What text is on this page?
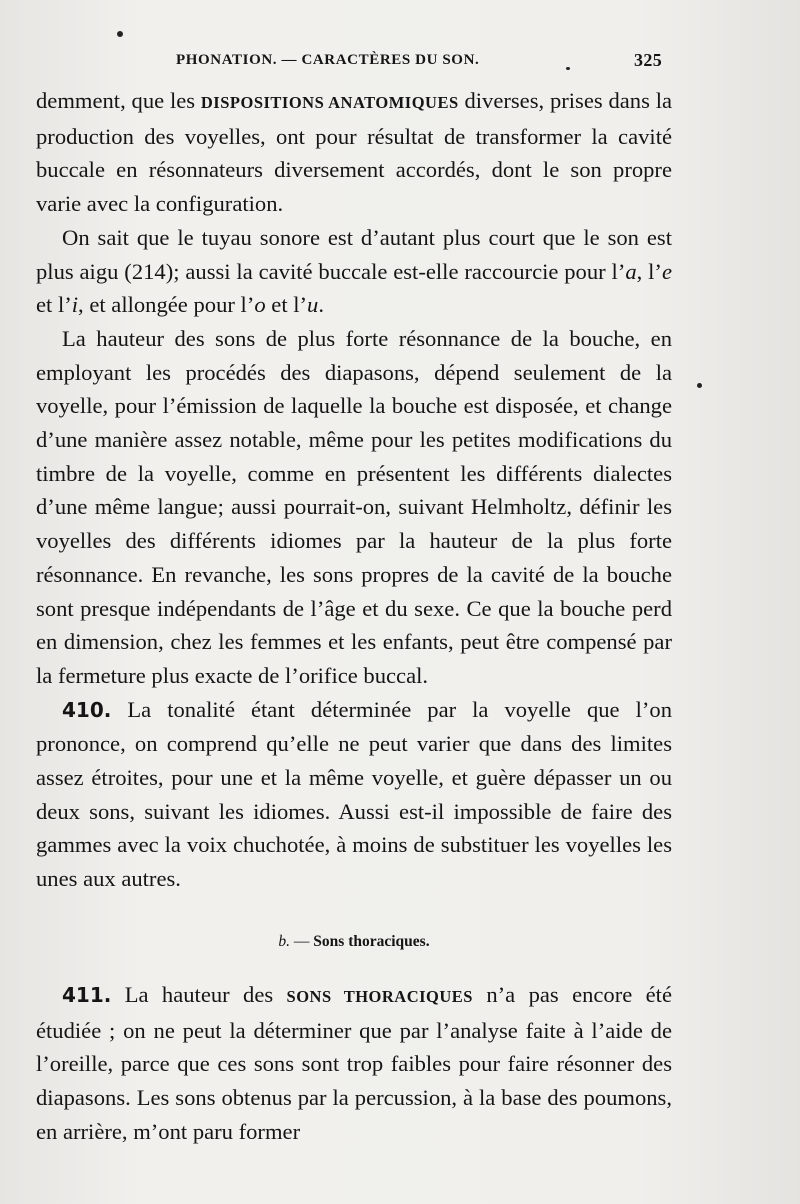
PHONATION. — CARACTÈRES DU SON.	325

demment, que les DISPOSITIONS ANATOMIQUES diverses, prises dans la production des voyelles, ont pour résultat de transformer la cavité buccale en résonnateurs diversement accordés, dont le son propre varie avec la configuration.

On sait que le tuyau sonore est d’autant plus court que le son est plus aigu (214); aussi la cavité buccale est-elle raccourcie pour l’a, l’e et l’i, et allongée pour l’o et l’u.

La hauteur des sons de plus forte résonnance de la bouche, en employant les procédés des diapasons, dépend seulement de la voyelle, pour l’émission de laquelle la bouche est disposée, et change d’une manière assez notable, même pour les petites modifications du timbre de la voyelle, comme en présentent les différents dialectes d’une même langue; aussi pourrait-on, suivant Helmholtz, définir les voyelles des différents idiomes par la hauteur de la plus forte résonnance. En revanche, les sons propres de la cavité de la bouche sont presque indépendants de l’âge et du sexe. Ce que la bouche perd en dimension, chez les femmes et les enfants, peut être compensé par la fermeture plus exacte de l’orifice buccal.

410. La tonalité étant déterminée par la voyelle que l’on prononce, on comprend qu’elle ne peut varier que dans des limites assez étroites, pour une et la même voyelle, et guère dépasser un ou deux sons, suivant les idiomes. Aussi est-il impossible de faire des gammes avec la voix chuchotée, à moins de substituer les voyelles les unes aux autres.

b. — Sons thoraciques.

411. La hauteur des SONS THORACIQUES n’a pas encore été étudiée ; on ne peut la déterminer que par l’analyse faite à l’aide de l’oreille, parce que ces sons sont trop faibles pour faire résonner des diapasons. Les sons obtenus par la percussion, à la base des poumons, en arrière, m’ont paru former
